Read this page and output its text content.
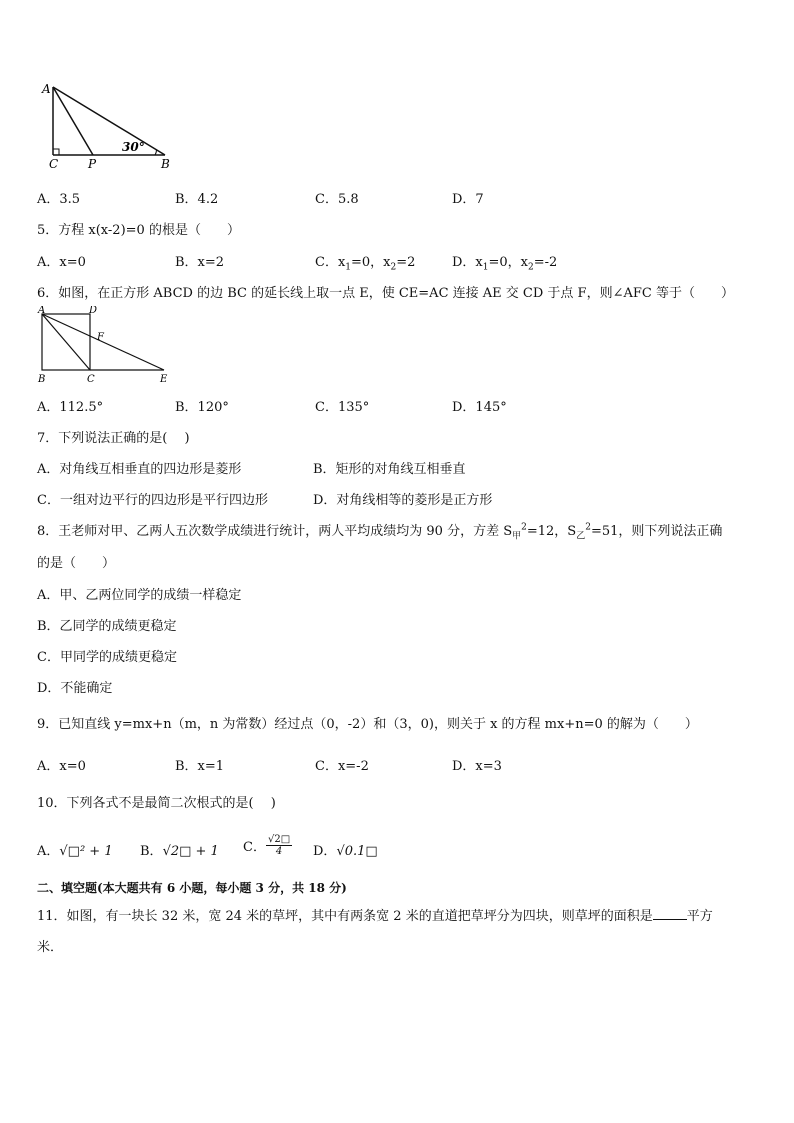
A
C P	B
30°
A．3.5	B．4.2	C．5.8	D．7
5．方程 x(x-2)=0 的根是（　　）
A．x=0	B．x=2	C．$x_1=0$，$x_2=2$	D．$x_1=0$，$x_2=-2$
6．如图，在正方形 ABCD 的边 BC 的延长线上取一点 E，使 CE=AC 连接 AE 交 CD 于点 F，则∠AFC 等于（　　）
A	D
F
B	C	E
A．112.5°	B．120°	C．135°	D．145°
7．下列说法正确的是(　 )
A．对角线互相垂直的四边形是菱形	B．矩形的对角线互相垂直
C．一组对边平行的四边形是平行四边形	D．对角线相等的菱形是正方形
8．王老师对甲、乙两人五次数学成绩进行统计，两人平均成绩均为 90 分，方差 $S_甲^2=12$，$S_乙^2=51$，则下列说法正确
的是（　　）
A．甲、乙两位同学的成绩一样稳定
B．乙同学的成绩更稳定
C．甲同学的成绩更稳定
D．不能确定
9．已知直线 y=mx+n（m，n 为常数）经过点（0，-2）和（3，0)，则关于 x 的方程 mx+n=0 的解为（　　）
A．x=0	B．x=1	C．x=-2	D．x=3
10．下列各式不是最简二次根式的是(　 )
A．√□² + 1 B．√2□ + 1 C． $\frac{√2□}{4}$ D．√0.1□
二、填空题(本大题共有 6 小题，每小题 3 分，共 18 分)
11．如图，有一块长 32 米，宽 24 米的草坪，其中有两条宽 2 米的直道把草坪分为四块，则草坪的面积是	平方
米．
